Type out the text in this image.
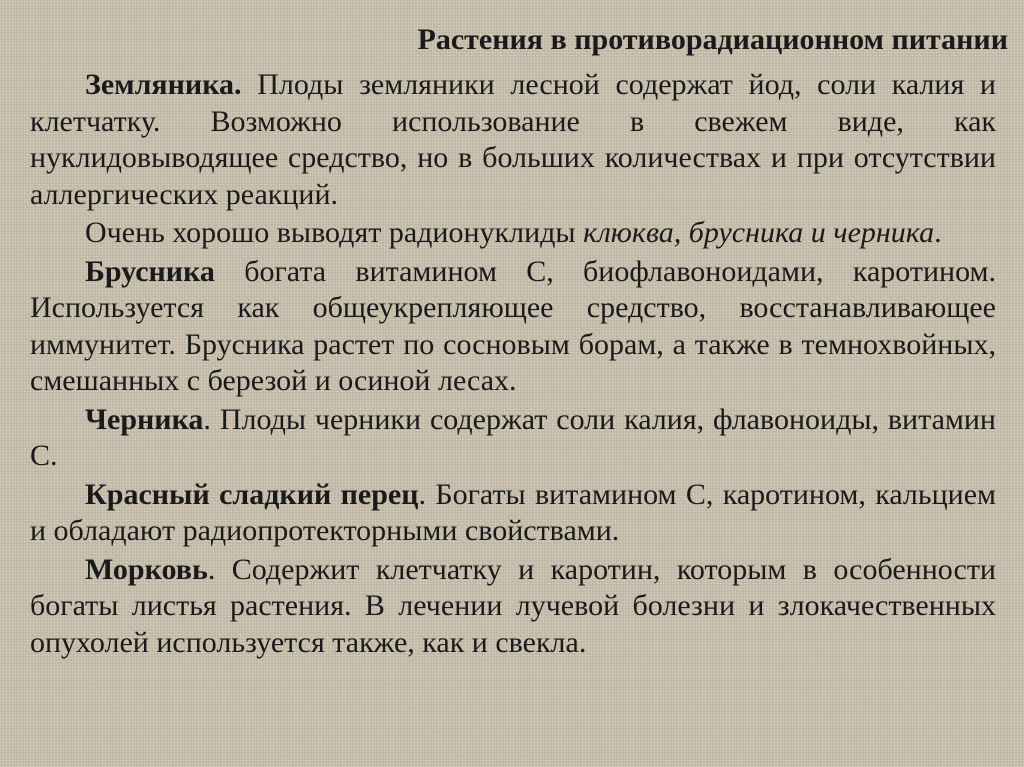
Растения в противорадиационном питании

Земляника. Плоды земляники лесной содержат йод, соли калия и клетчатку. Возможно использование в свежем виде, как нуклидовыводящее средство, но в больших количествах и при отсутствии аллергических реакций.

Очень хорошо выводят радионуклиды клюква, брусника и черника.

Брусника богата витамином С, биофлавоноидами, каротином. Используется как общеукрепляющее средство, восстанавливающее иммунитет. Брусника растет по сосновым борам, а также в темнохвойных, смешанных с березой и осиной лесах.

Черника. Плоды черники содержат соли калия, флавоноиды, витамин С.

Красный сладкий перец. Богаты витамином С, каротином, кальцием и обладают радиопротекторными свойствами.

Морковь. Содержит клетчатку и каротин, которым в особенности богаты листья растения. В лечении лучевой болезни и злокачественных опухолей используется также, как и свекла.
